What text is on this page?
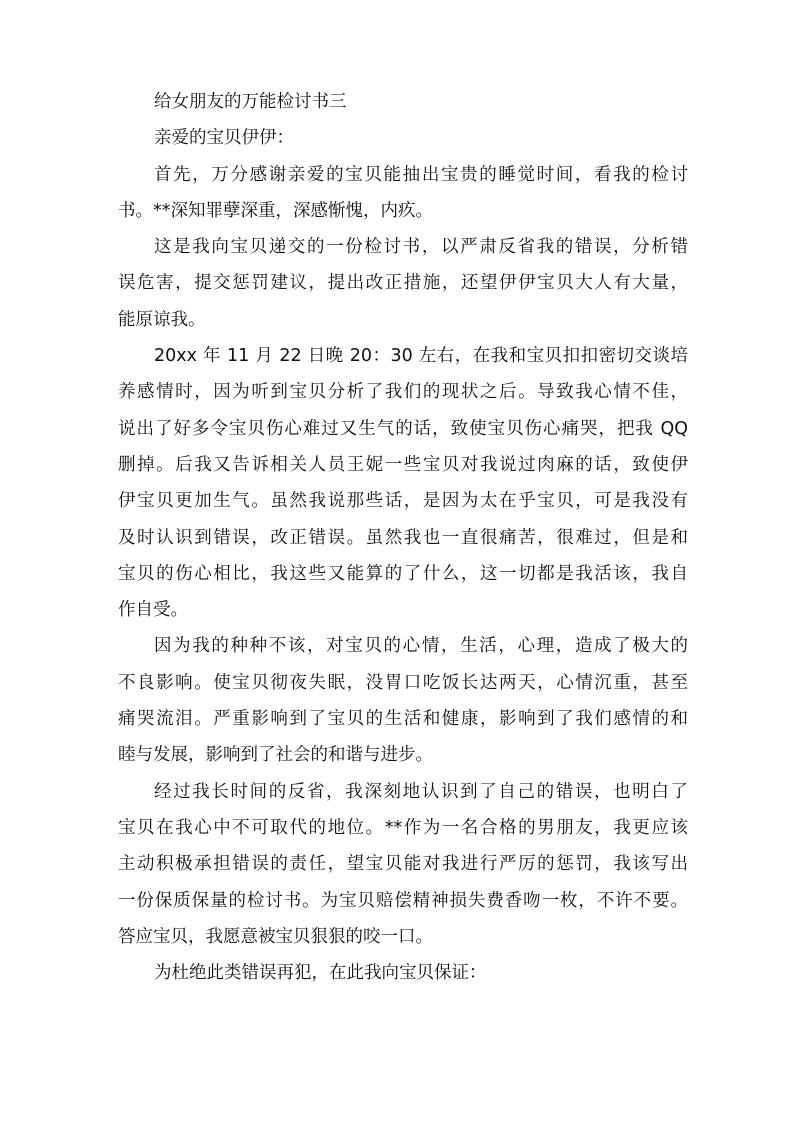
给女朋友的万能检讨书三
亲爱的宝贝伊伊：
首先，万分感谢亲爱的宝贝能抽出宝贵的睡觉时间，看我的检讨
书。**深知罪孽深重，深感惭愧，内疚。
这是我向宝贝递交的一份检讨书，以严肃反省我的错误，分析错
误危害，提交惩罚建议，提出改正措施，还望伊伊宝贝大人有大量，
能原谅我。
20xx 年 11 月 22 日晚 20：30 左右，在我和宝贝扣扣密切交谈培
养感情时，因为听到宝贝分析了我们的现状之后。导致我心情不佳，
说出了好多令宝贝伤心难过又生气的话，致使宝贝伤心痛哭，把我 QQ
删掉。后我又告诉相关人员王妮一些宝贝对我说过肉麻的话，致使伊
伊宝贝更加生气。虽然我说那些话，是因为太在乎宝贝，可是我没有
及时认识到错误，改正错误。虽然我也一直很痛苦，很难过，但是和
宝贝的伤心相比，我这些又能算的了什么，这一切都是我活该，我自
作自受。
因为我的种种不该，对宝贝的心情，生活，心理，造成了极大的
不良影响。使宝贝彻夜失眠，没胃口吃饭长达两天，心情沉重，甚至
痛哭流泪。严重影响到了宝贝的生活和健康，影响到了我们感情的和
睦与发展，影响到了社会的和谐与进步。
经过我长时间的反省，我深刻地认识到了自己的错误，也明白了
宝贝在我心中不可取代的地位。**作为一名合格的男朋友，我更应该
主动积极承担错误的责任，望宝贝能对我进行严厉的惩罚，我该写出
一份保质保量的检讨书。为宝贝赔偿精神损失费香吻一枚，不许不要。
答应宝贝，我愿意被宝贝狠狠的咬一口。
为杜绝此类错误再犯，在此我向宝贝保证：
